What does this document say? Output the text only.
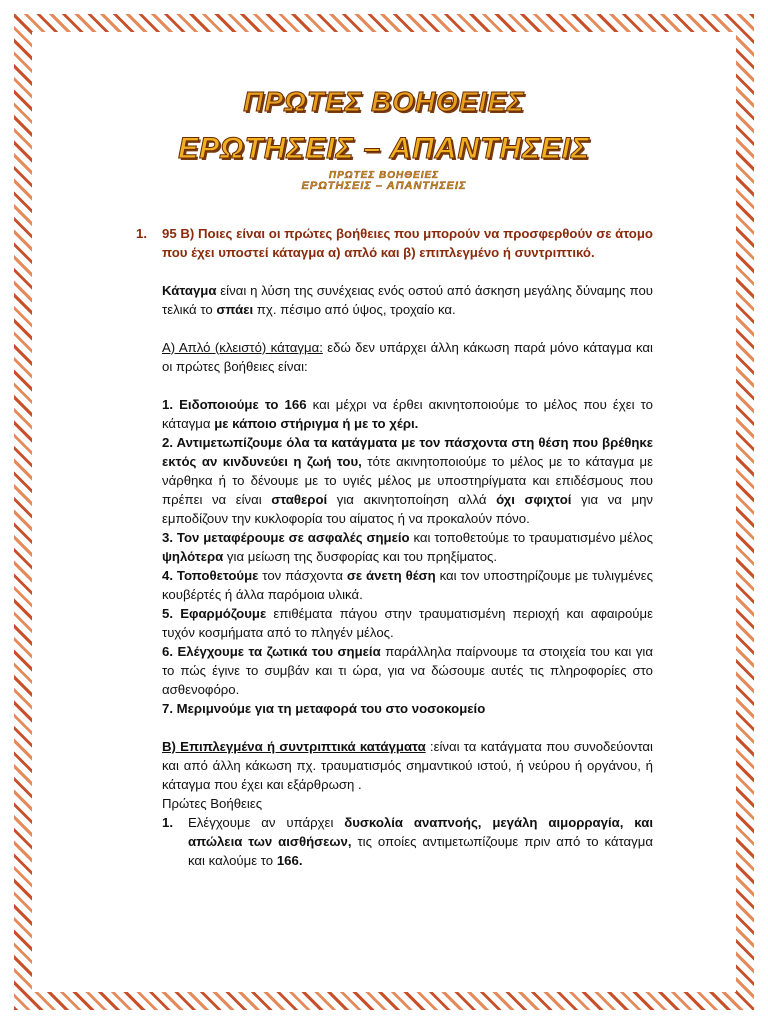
ΠΡΩΤΕΣ ΒΟΗΘΕΙΕΣ
ΕΡΩΤΗΣΕΙΣ – ΑΠΑΝΤΗΣΕΙΣ
ΠΡΩΤΕΣ ΒΟΗΘΕΙΕΣ
ΕΡΩΤΗΣΕΙΣ – ΑΠΑΝΤΗΣΕΙΣ
1. 95 Β) Ποιες είναι οι πρώτες βοήθειες που μπορούν να προσφερθούν σε άτομο που έχει υποστεί κάταγμα α) απλό και β) επιπλεγμένο ή συντριπτικό.
Κάταγμα είναι η λύση της συνέχειας ενός οστού από άσκηση μεγάλης δύναμης που τελικά το σπάει πχ. πέσιμο από ύψος, τροχαίο κα.
Α) Απλό (κλειστό) κάταγμα: εδώ δεν υπάρχει άλλη κάκωση παρά μόνο κάταγμα και οι πρώτες βοήθειες είναι:
1. Ειδοποιούμε το 166 και μέχρι να έρθει ακινητοποιούμε το μέλος που έχει το κάταγμα με κάποιο στήριγμα ή με το χέρι.
2. Αντιμετωπίζουμε όλα τα κατάγματα με τον πάσχοντα στη θέση που βρέθηκε εκτός αν κινδυνεύει η ζωή του, τότε ακινητοποιούμε το μέλος με το κάταγμα με νάρθηκα ή το δένουμε με το υγιές μέλος με υποστηρίγματα και επιδέσμους που πρέπει να είναι σταθεροί για ακινητοποίηση αλλά όχι σφιχτοί για να μην εμποδίζουν την κυκλοφορία του αίματος ή να προκαλούν πόνο.
3. Τον μεταφέρουμε σε ασφαλές σημείο και τοποθετούμε το τραυματισμένο μέλος ψηλότερα για μείωση της δυσφορίας και του πρηξίματος.
4. Τοποθετούμε τον πάσχοντα σε άνετη θέση και τον υποστηρίζουμε με τυλιγμένες κουβέρτές ή άλλα παρόμοια υλικά.
5. Εφαρμόζουμε επιθέματα πάγου στην τραυματισμένη περιοχή και αφαιρούμε τυχόν κοσμήματα από το πληγέν μέλος.
6. Ελέγχουμε τα ζωτικά του σημεία παράλληλα παίρνουμε τα στοιχεία του και για το πώς έγινε το συμβάν και τι ώρα, για να δώσουμε αυτές τις πληροφορίες στο ασθενοφόρο.
7. Μεριμνούμε για τη μεταφορά του στο νοσοκομείο
Β) Επιπλεγμένα ή συντριπτικά κατάγματα :είναι τα κατάγματα που συνοδεύονται και από άλλη κάκωση πχ. τραυματισμός σημαντικού ιστού, ή νεύρου ή οργάνου, ή κάταγμα που έχει και εξάρθρωση .
Πρώτες Βοήθειες
1. Ελέγχουμε αν υπάρχει δυσκολία αναπνοής, μεγάλη αιμορραγία, και απώλεια των αισθήσεων, τις οποίες αντιμετωπίζουμε πριν από το κάταγμα και καλούμε το 166.
